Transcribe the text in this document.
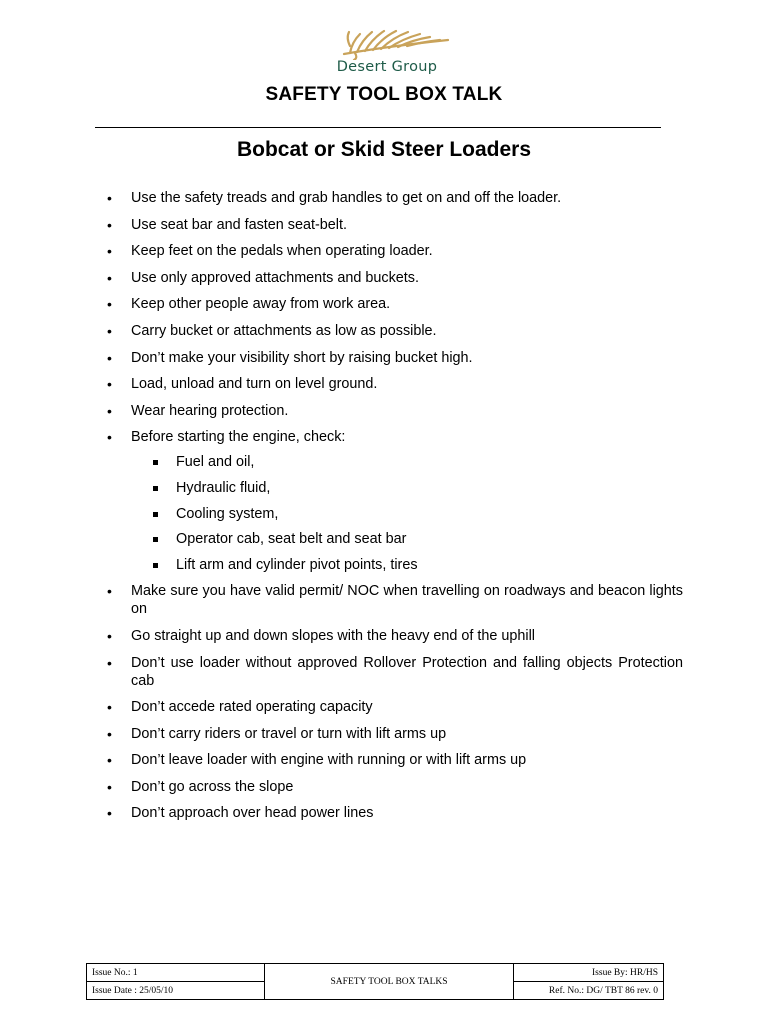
Desert Group
SAFETY TOOL BOX TALK
Bobcat or Skid Steer Loaders
• Use the safety treads and grab handles to get on and off the loader.
• Use seat bar and fasten seat-belt.
• Keep feet on the pedals when operating loader.
• Use only approved attachments and buckets.
• Keep other people away from work area.
• Carry bucket or attachments as low as possible.
• Don’t make your visibility short by raising bucket high.
• Load, unload and turn on level ground.
• Wear hearing protection.
• Before starting the engine, check:
Fuel and oil,
Hydraulic fluid,
Cooling system,
Operator cab, seat belt and seat bar
Lift arm and cylinder pivot points, tires
• Make sure you have valid permit/ NOC when travelling on roadways and beacon lights on
• Go straight up and down slopes with the heavy end of the uphill
• Don’t use loader without approved Rollover Protection and falling objects Protection cab
• Don’t accede rated operating capacity
• Don’t carry riders or travel or turn with lift arms up
• Don’t leave loader with engine with running or with lift arms up
• Don’t go across the slope
• Don’t approach over head power lines
Issue No.: 1	SAFETY TOOL BOX TALKS	Issue By: HR/HS
Issue Date : 25/05/10		Ref. No.: DG/ TBT 86 rev. 0
